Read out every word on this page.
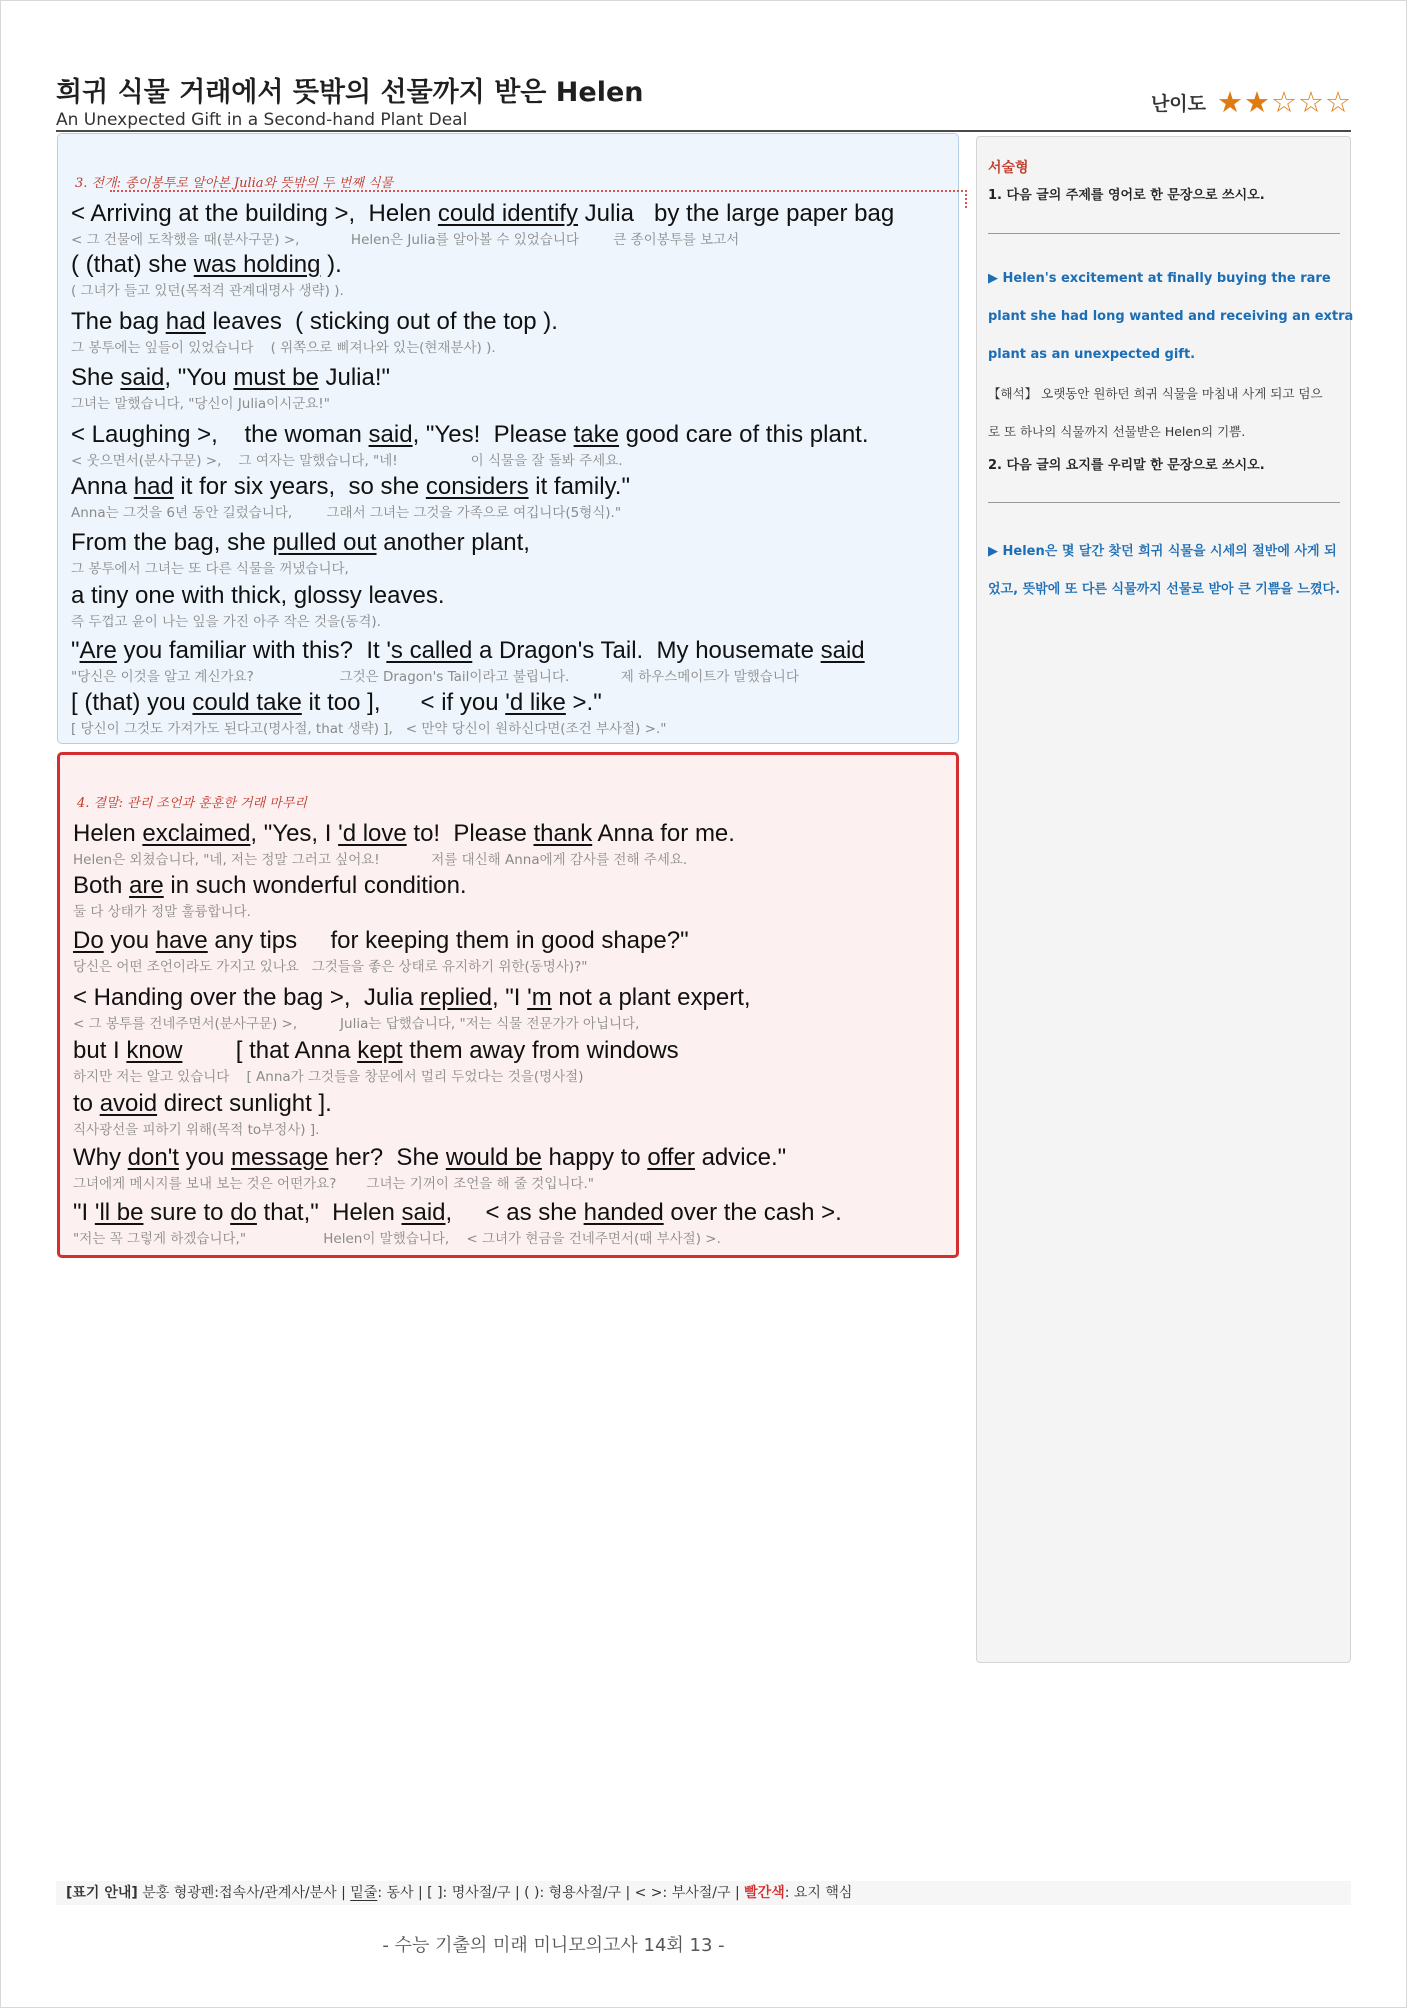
희귀 식물 거래에서 뜻밖의 선물까지 받은 Helen
An Unexpected Gift in a Second-hand Plant Deal
난이도 ★★☆☆☆
3. 전개: 종이봉투로 알아본 Julia와 뜻밖의 두 번째 식물
< Arriving at the building >,  Helen could identify Julia   by the large paper bag
< 그 건물에 도착했을 때(분사구문) >,            Helen은 Julia를 알아볼 수 있었습니다        큰 종이봉투를 보고서
( (that) she was holding ).
( 그녀가 들고 있던(목적격 관계대명사 생략) ).
The bag had leaves  ( sticking out of the top ).
그 봉투에는 잎들이 있었습니다    ( 위쪽으로 삐져나와 있는(현재분사) ).
She said, "You must be Julia!"
그녀는 말했습니다, "당신이 Julia이시군요!"
< Laughing >,    the woman said, "Yes!  Please take good care of this plant.
< 웃으면서(분사구문) >,    그 여자는 말했습니다, "네!                 이 식물을 잘 돌봐 주세요.
Anna had it for six years,  so she considers it family."
Anna는 그것을 6년 동안 길렀습니다,        그래서 그녀는 그것을 가족으로 여깁니다(5형식)."
From the bag, she pulled out another plant,
그 봉투에서 그녀는 또 다른 식물을 꺼냈습니다,
a tiny one with thick, glossy leaves.
즉 두껍고 윤이 나는 잎을 가진 아주 작은 것을(동격).
"Are you familiar with this?  It 's called a Dragon's Tail.  My housemate said
"당신은 이것을 알고 계신가요?                    그것은 Dragon's Tail이라고 불립니다.            제 하우스메이트가 말했습니다
[ (that) you could take it too ],      < if you 'd like >."
[ 당신이 그것도 가져가도 된다고(명사절, that 생략) ],   < 만약 당신이 원하신다면(조건 부사절) >."
4. 결말: 관리 조언과 훈훈한 거래 마무리
Helen exclaimed, "Yes, I 'd love to!  Please thank Anna for me.
Helen은 외쳤습니다, "네, 저는 정말 그러고 싶어요!            저를 대신해 Anna에게 감사를 전해 주세요.
Both are in such wonderful condition.
둘 다 상태가 정말 훌륭합니다.
Do you have any tips     for keeping them in good shape?"
당신은 어떤 조언이라도 가지고 있나요   그것들을 좋은 상태로 유지하기 위한(동명사)?"
< Handing over the bag >,  Julia replied, "I 'm not a plant expert,
< 그 봉투를 건네주면서(분사구문) >,          Julia는 답했습니다, "저는 식물 전문가가 아닙니다,
but I know        [ that Anna kept them away from windows
하지만 저는 알고 있습니다    [ Anna가 그것들을 창문에서 멀리 두었다는 것을(명사절)
to avoid direct sunlight ].
직사광선을 피하기 위해(목적 to부정사) ].
Why don't you message her?  She would be happy to offer advice."
그녀에게 메시지를 보내 보는 것은 어떤가요?       그녀는 기꺼이 조언을 해 줄 것입니다."
"I 'll be sure to do that,"  Helen said,     < as she handed over the cash >.
"저는 꼭 그렇게 하겠습니다,"                  Helen이 말했습니다,    < 그녀가 현금을 건네주면서(때 부사절) >.
서술형
1. 다음 글의 주제를 영어로 한 문장으로 쓰시오.
▶ Helen's excitement at finally buying the rare
plant she had long wanted and receiving an extra
plant as an unexpected gift.
【해석】 오랫동안 원하던 희귀 식물을 마침내 사게 되고 덤으
로 또 하나의 식물까지 선물받은 Helen의 기쁨.
2. 다음 글의 요지를 우리말 한 문장으로 쓰시오.
▶ Helen은 몇 달간 찾던 희귀 식물을 시세의 절반에 사게 되
었고, 뜻밖에 또 다른 식물까지 선물로 받아 큰 기쁨을 느꼈다.
[표기 안내] 분홍 형광펜:접속사/관계사/분사 | 밑줄: 동사 | [ ]: 명사절/구 | ( ): 형용사절/구 | < >: 부사절/구 | 빨간색: 요지 핵심
- 수능 기출의 미래 미니모의고사 14회 13 -
